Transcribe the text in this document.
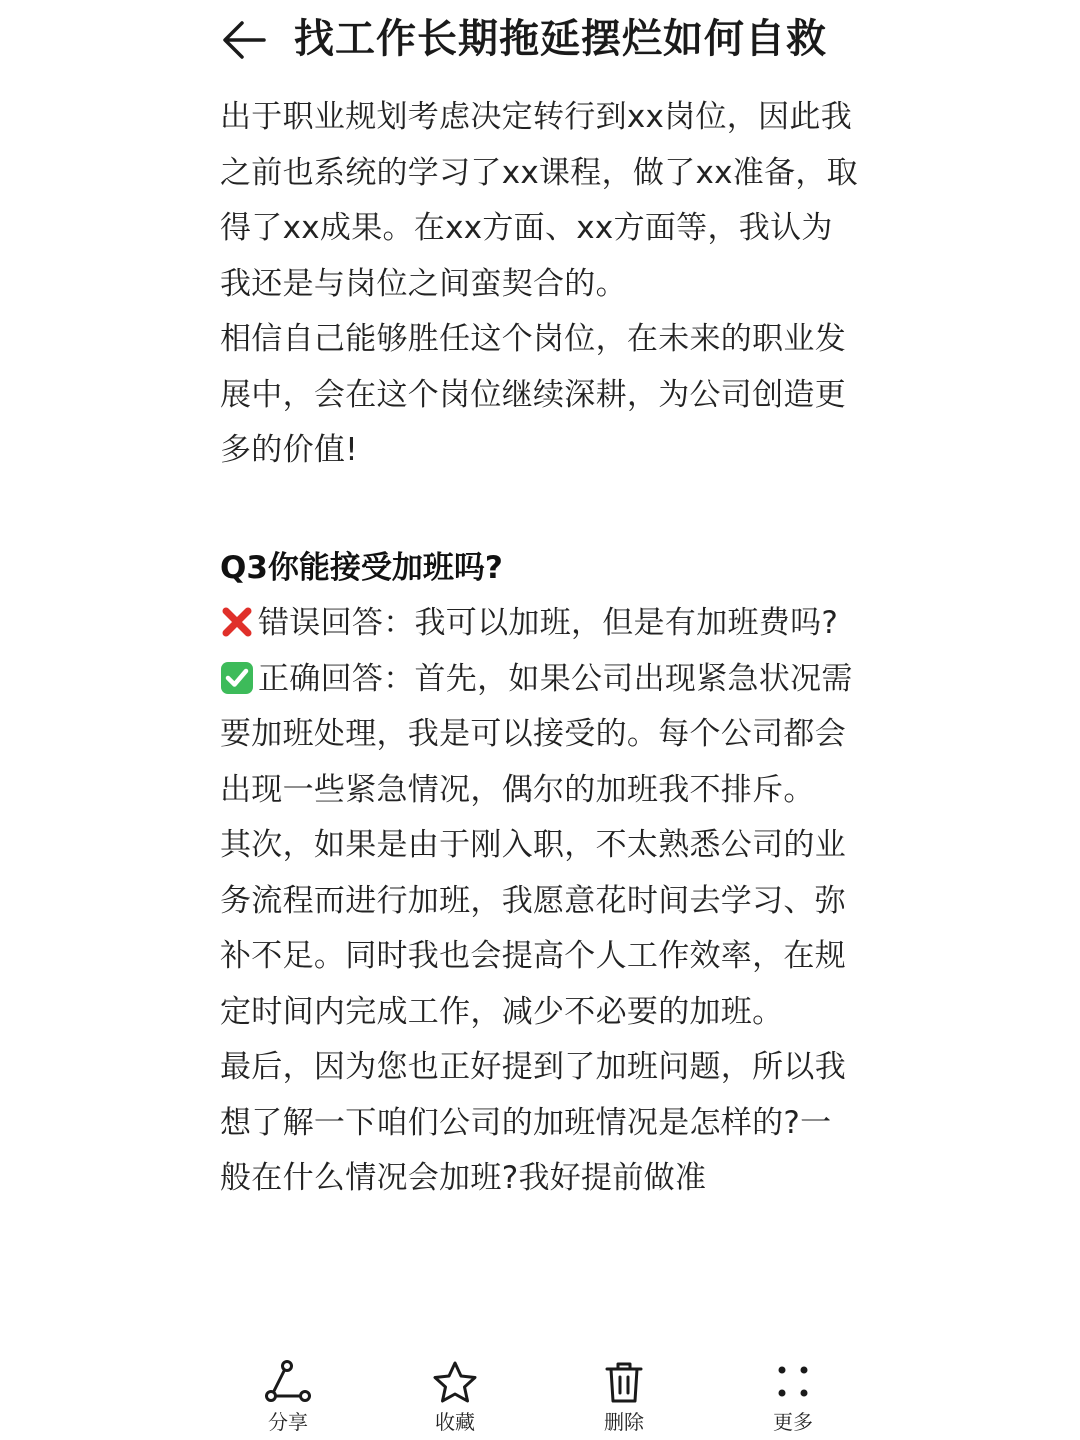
找工作长期拖延摆烂如何自救

出于职业规划考虑决定转行到xx岗位，因此我之前也系统的学习了xx课程，做了xx准备，取得了xx成果。在xx方面、xx方面等，我认为我还是与岗位之间蛮契合的。

相信自己能够胜任这个岗位，在未来的职业发展中，会在这个岗位继续深耕，为公司创造更多的价值!

Q3你能接受加班吗?

错误回答：我可以加班，但是有加班费吗?

正确回答：首先，如果公司出现紧急状况需要加班处理，我是可以接受的。每个公司都会出现一些紧急情况，偶尔的加班我不排斥。

其次，如果是由于刚入职，不太熟悉公司的业务流程而进行加班，我愿意花时间去学习、弥补不足。同时我也会提高个人工作效率，在规定时间内完成工作，减少不必要的加班。

最后，因为您也正好提到了加班问题，所以我想了解一下咱们公司的加班情况是怎样的?一般在什么情况会加班?我好提前做准

分享	收藏	删除	更多
